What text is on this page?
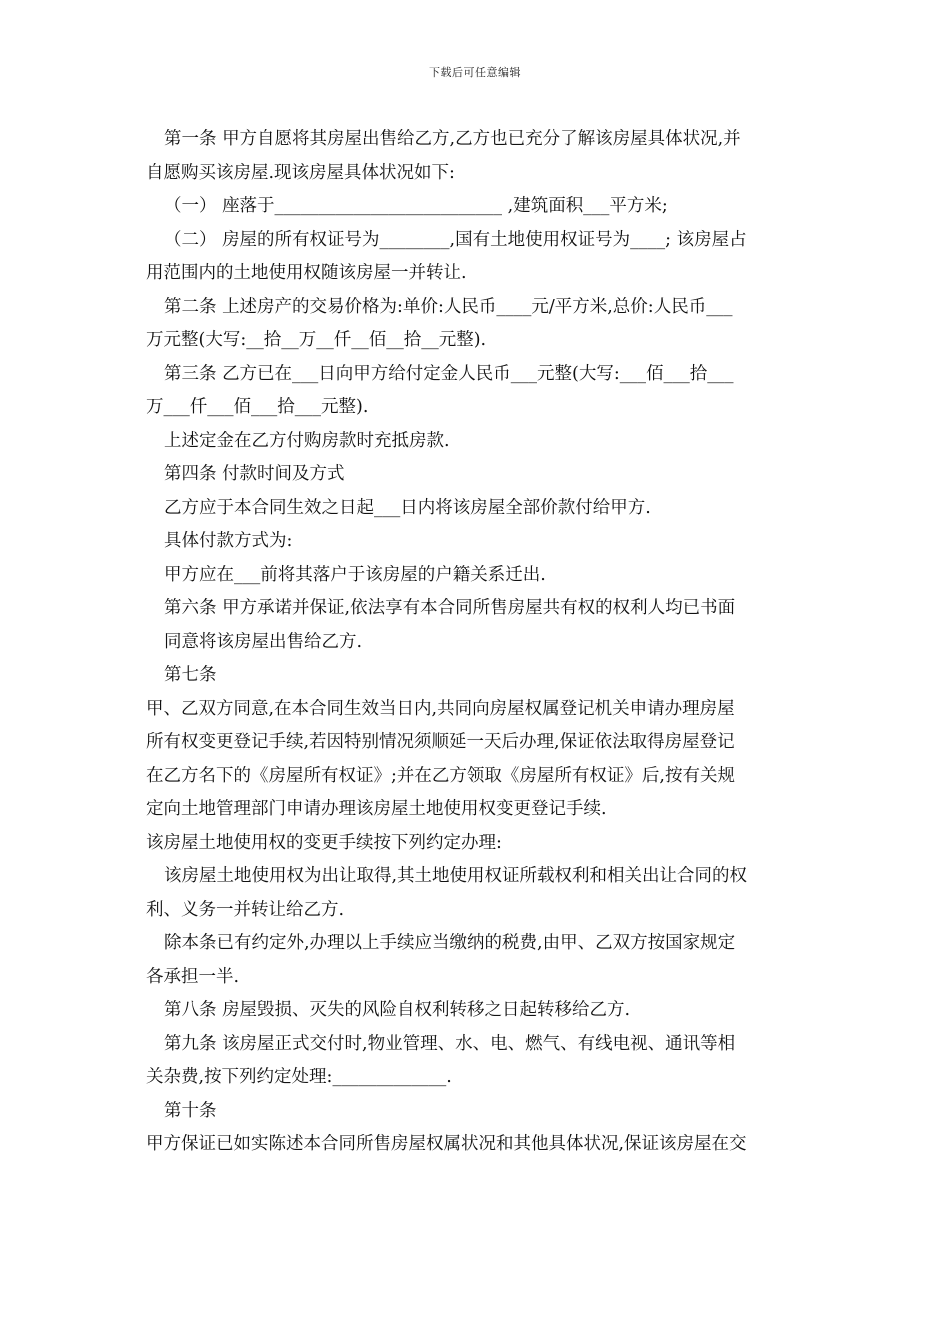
下载后可任意编辑
第一条 甲方自愿将其房屋出售给乙方,乙方也已充分了解该房屋具体状况,并
自愿购买该房屋.现该房屋具体状况如下:
（一） 座落于__________________________ ,建筑面积___平方米;
（二） 房屋的所有权证号为________,国有土地使用权证号为____; 该房屋占
用范围内的土地使用权随该房屋一并转让.
第二条 上述房产的交易价格为:单价:人民币____元/平方米,总价:人民币___
万元整(大写:__拾__万__仟__佰__拾__元整).
第三条 乙方已在___日向甲方给付定金人民币___元整(大写:___佰___拾___
万___仟___佰___拾___元整).
上述定金在乙方付购房款时充抵房款.
第四条 付款时间及方式
乙方应于本合同生效之日起___日内将该房屋全部价款付给甲方.
具体付款方式为:
甲方应在___前将其落户于该房屋的户籍关系迁出.
第六条 甲方承诺并保证,依法享有本合同所售房屋共有权的权利人均已书面
同意将该房屋出售给乙方.
第七条
甲、乙双方同意,在本合同生效当日内,共同向房屋权属登记机关申请办理房屋
所有权变更登记手续,若因特别情况须顺延一天后办理,保证依法取得房屋登记
在乙方名下的《房屋所有权证》;并在乙方领取《房屋所有权证》后,按有关规
定向土地管理部门申请办理该房屋土地使用权变更登记手续.
该房屋土地使用权的变更手续按下列约定办理:
该房屋土地使用权为出让取得,其土地使用权证所载权利和相关出让合同的权
利、义务一并转让给乙方.
除本条已有约定外,办理以上手续应当缴纳的税费,由甲、乙双方按国家规定
各承担一半.
第八条 房屋毁损、灭失的风险自权利转移之日起转移给乙方.
第九条 该房屋正式交付时,物业管理、水、电、燃气、有线电视、通讯等相
关杂费,按下列约定处理:_____________.
第十条
甲方保证已如实陈述本合同所售房屋权属状况和其他具体状况,保证该房屋在交
